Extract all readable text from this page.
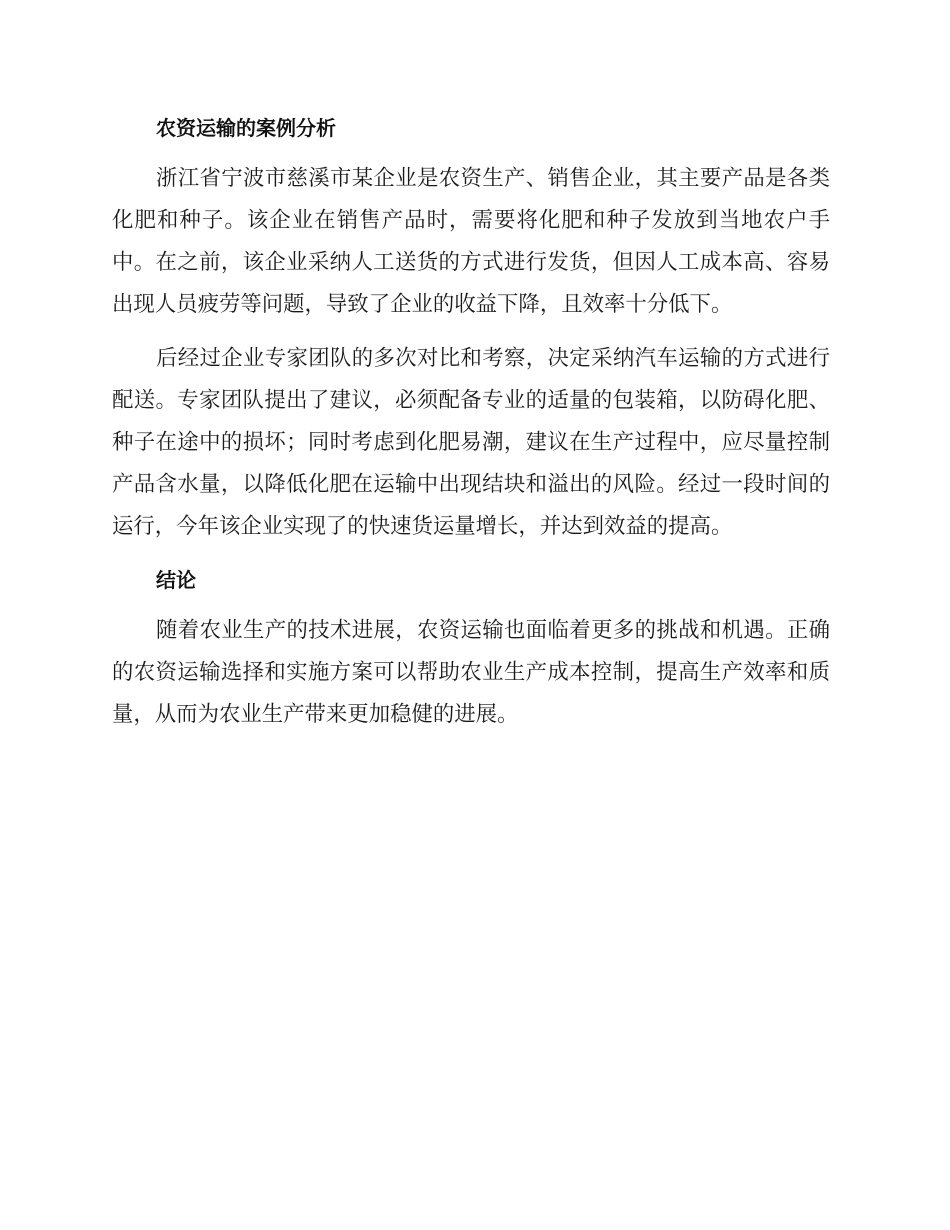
农资运输的案例分析

浙江省宁波市慈溪市某企业是农资生产、销售企业，其主要产品是各类化肥和种子。该企业在销售产品时，需要将化肥和种子发放到当地农户手中。在之前，该企业采纳人工送货的方式进行发货，但因人工成本高、容易出现人员疲劳等问题，导致了企业的收益下降，且效率十分低下。

后经过企业专家团队的多次对比和考察，决定采纳汽车运输的方式进行配送。专家团队提出了建议，必须配备专业的适量的包装箱，以防碍化肥、种子在途中的损坏；同时考虑到化肥易潮，建议在生产过程中，应尽量控制产品含水量，以降低化肥在运输中出现结块和溢出的风险。经过一段时间的运行，今年该企业实现了的快速货运量增长，并达到效益的提高。

结论

随着农业生产的技术进展，农资运输也面临着更多的挑战和机遇。正确的农资运输选择和实施方案可以帮助农业生产成本控制，提高生产效率和质量，从而为农业生产带来更加稳健的进展。
